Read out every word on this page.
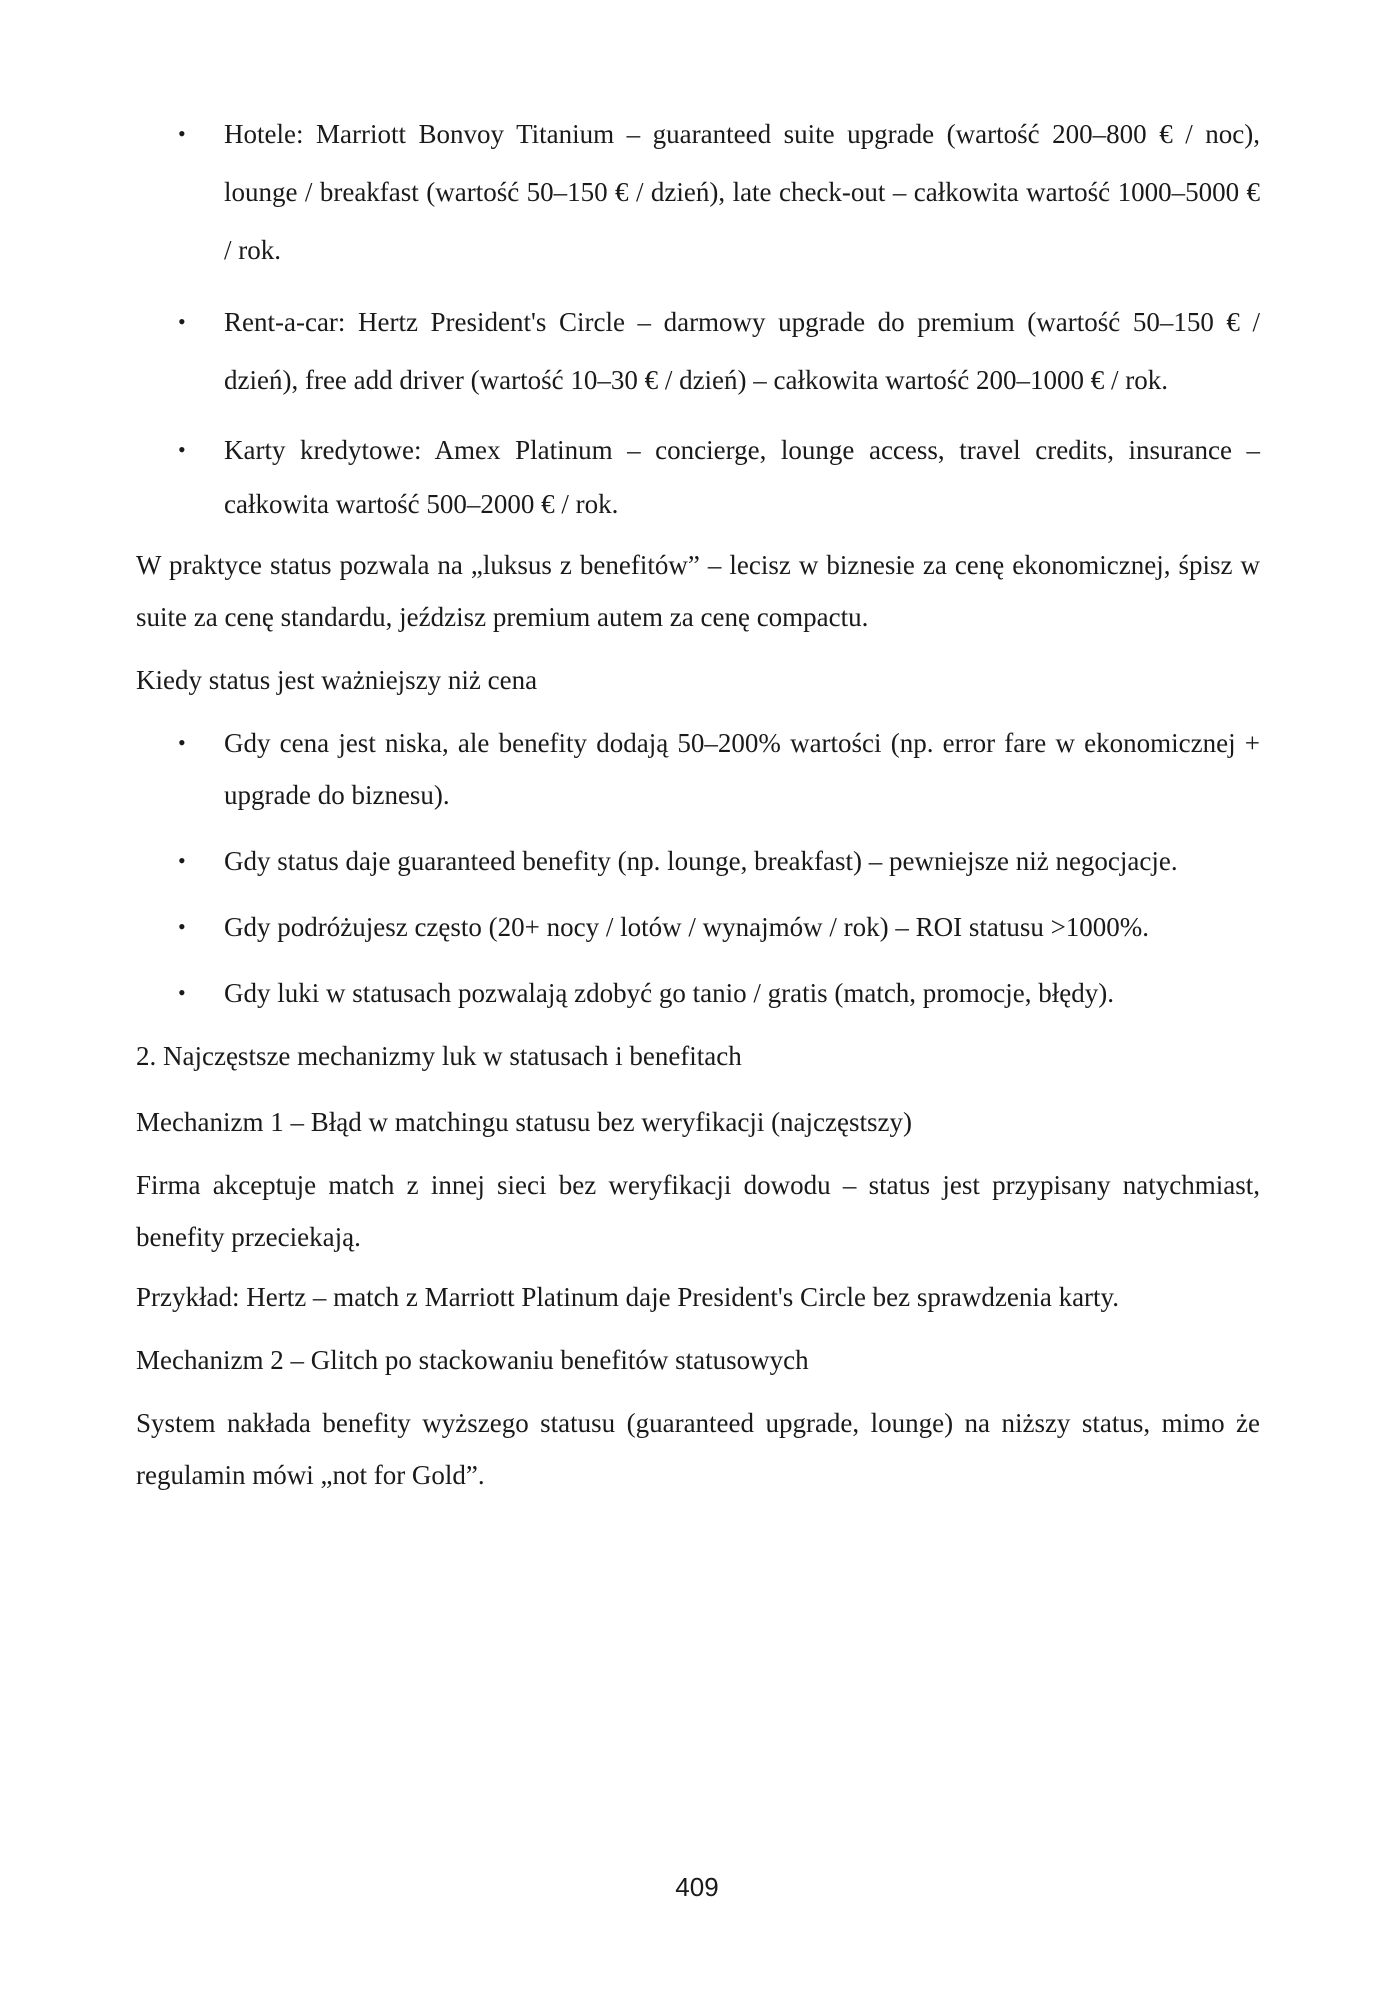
• Hotele: Marriott Bonvoy Titanium – guaranteed suite upgrade (wartość 200–800 € / noc), lounge / breakfast (wartość 50–150 € / dzień), late check-out – całkowita wartość 1000–5000 € / rok.

• Rent-a-car: Hertz President's Circle – darmowy upgrade do premium (wartość 50–150 € / dzień), free add driver (wartość 10–30 € / dzień) – całkowita wartość 200–1000 € / rok.

• Karty kredytowe: Amex Platinum – concierge, lounge access, travel credits, insurance – całkowita wartość 500–2000 € / rok.

W praktyce status pozwala na „luksus z benefitów” – lecisz w biznesie za cenę ekonomicznej, śpisz w suite za cenę standardu, jeździsz premium autem za cenę compactu.

Kiedy status jest ważniejszy niż cena

• Gdy cena jest niska, ale benefity dodają 50–200% wartości (np. error fare w ekonomicznej + upgrade do biznesu).

• Gdy status daje guaranteed benefity (np. lounge, breakfast) – pewniejsze niż negocjacje.

• Gdy podróżujesz często (20+ nocy / lotów / wynajmów / rok) – ROI statusu >1000%.

• Gdy luki w statusach pozwalają zdobyć go tanio / gratis (match, promocje, błędy).

2. Najczęstsze mechanizmy luk w statusach i benefitach

Mechanizm 1 – Błąd w matchingu statusu bez weryfikacji (najczęstszy)

Firma akceptuje match z innej sieci bez weryfikacji dowodu – status jest przypisany natychmiast, benefity przeciekają.

Przykład: Hertz – match z Marriott Platinum daje President's Circle bez sprawdzenia karty.

Mechanizm 2 – Glitch po stackowaniu benefitów statusowych

System nakłada benefity wyższego statusu (guaranteed upgrade, lounge) na niższy status, mimo że regulamin mówi „not for Gold”.

409
